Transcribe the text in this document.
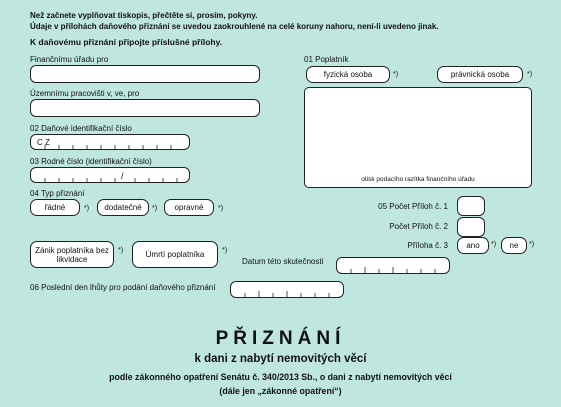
Než začnete vyplňovat tiskopis, přečtěte si, prosím, pokyny.
Údaje v přílohách daňového přiznání se uvedou zaokrouhlené na celé koruny nahoru, není-li uvedeno jinak.
K daňovému přiznání připojte příslušné přílohy.
Finančnímu úřadu pro
Územnímu pracovišti v, ve, pro
02 Daňové identifikační číslo
C Z
03 Rodné číslo (identifikační číslo)
/
04 Typ přiznání
řádné	*)	dodatečné	*)	opravné	*)
Zánik poplatníka bez likvidace
*)	Úmrtí poplatníka	*)
Datum této skutečnosti
06 Poslední den lhůty pro podání daňového přiznání
01 Poplatník
fyzická osoba	*)	právnická osoba	*)
otisk podacího razítka finančního úřadu
05 Počet Příloh č. 1
Počet Příloh č. 2
Příloha č. 3	ano	*)	ne	*)
PŘIZNÁNÍ
k dani z nabytí nemovitých věcí
podle zákonného opatření Senátu č. 340/2013 Sb., o dani z nabytí nemovitých věcí
(dále jen „zákonné opatření“)
